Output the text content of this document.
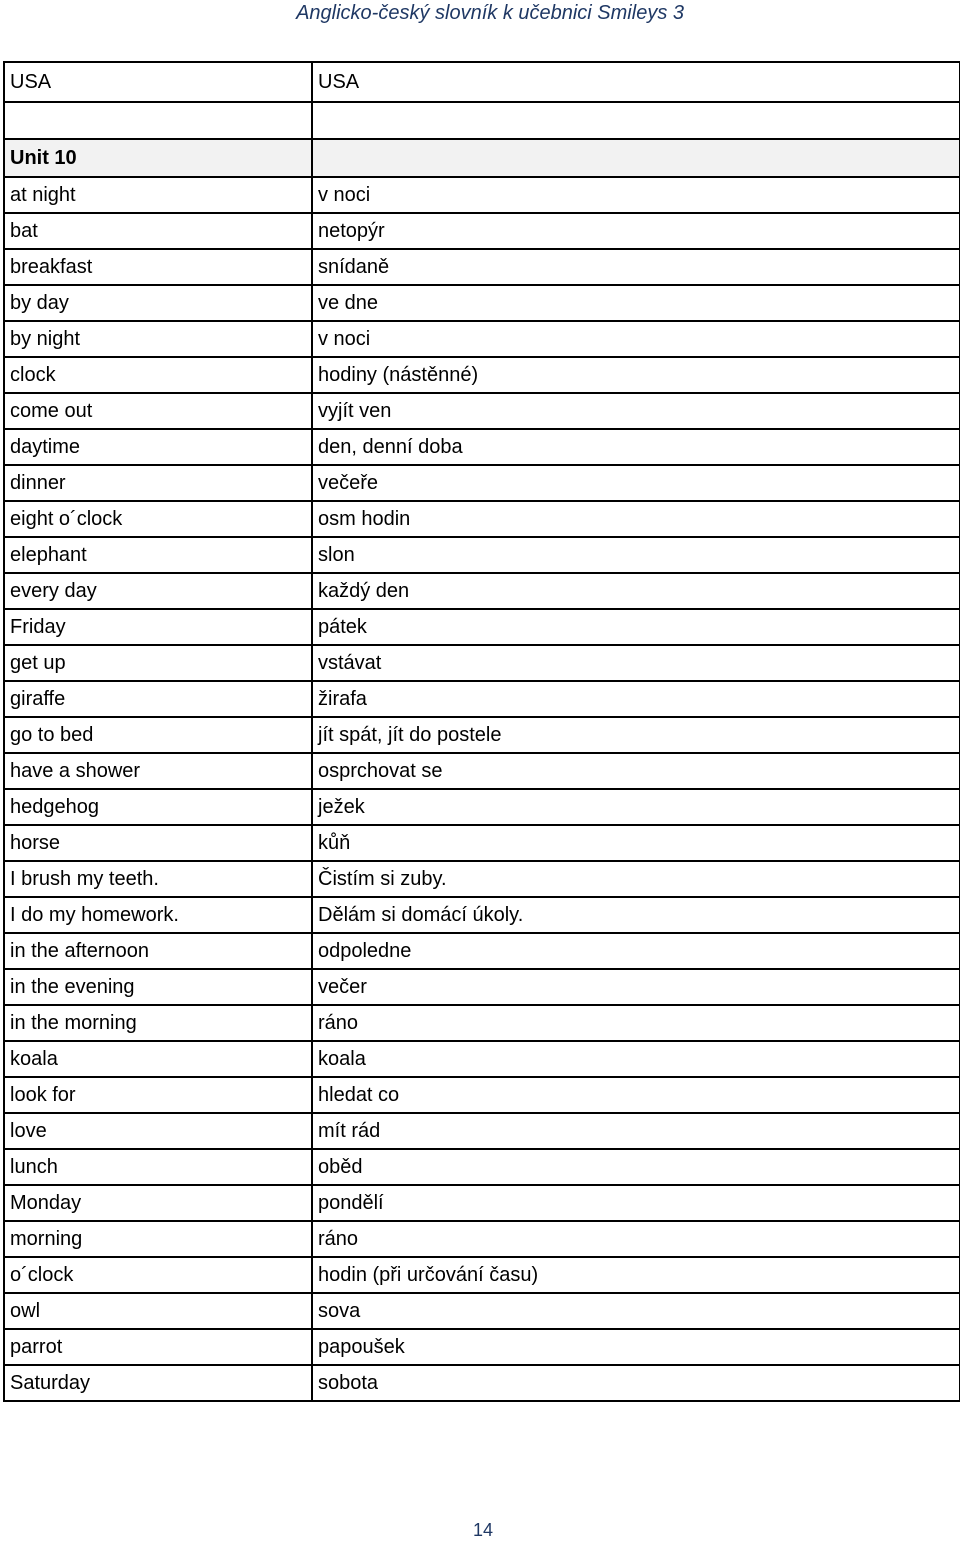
Anglicko-český slovník k učebnici Smileys 3
USA	USA

Unit 10	
at night	v noci
bat	netopýr
breakfast	snídaně
by day	ve dne
by night	v noci
clock	hodiny (nástěnné)
come out	vyjít ven
daytime	den, denní doba
dinner	večeře
eight o´clock	osm hodin
elephant	slon
every day	každý den
Friday	pátek
get up	vstávat
giraffe	žirafa
go to bed	jít spát, jít do postele
have a shower	osprchovat se
hedgehog	ježek
horse	kůň
I brush my teeth.	Čistím si zuby.
I do my homework.	Dělám si domácí úkoly.
in the afternoon	odpoledne
in the evening	večer
in the morning	ráno
koala	koala
look for	hledat co
love	mít rád
lunch	oběd
Monday	pondělí
morning	ráno
o´clock	hodin (při určování času)
owl	sova
parrot	papoušek
Saturday	sobota
14
